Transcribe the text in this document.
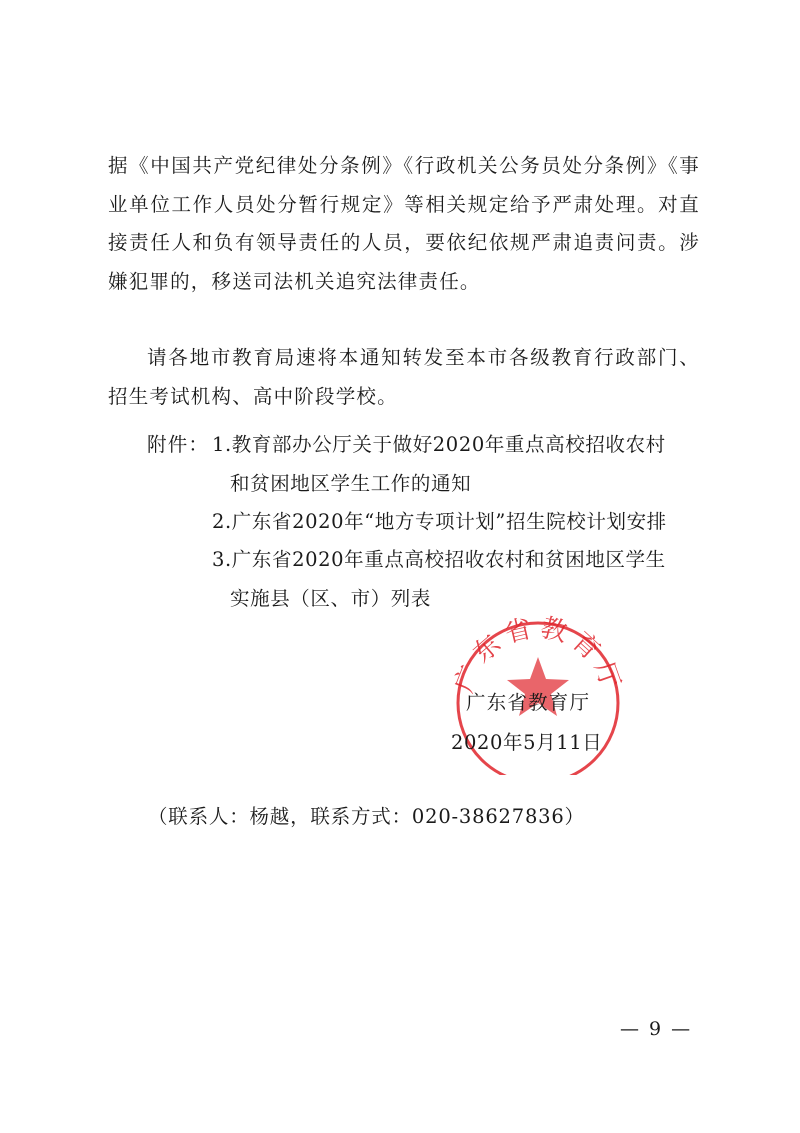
据《中国共产党纪律处分条例》《行政机关公务员处分条例》《事业单位工作人员处分暂行规定》等相关规定给予严肃处理。对直接责任人和负有领导责任的人员，要依纪依规严肃追责问责。涉嫌犯罪的，移送司法机关追究法律责任。

请各地市教育局速将本通知转发至本市各级教育行政部门、招生考试机构、高中阶段学校。

附件： 1.教育部办公厅关于做好2020年重点高校招收农村
和贫困地区学生工作的通知
2.广东省2020年“地方专项计划”招生院校计划安排
3.广东省2020年重点高校招收农村和贫困地区学生
实施县（区、市）列表
广东省教育厅
广东省教育厅
2020年5月11日
（联系人：杨越，联系方式：020-38627836）
— 9 —
